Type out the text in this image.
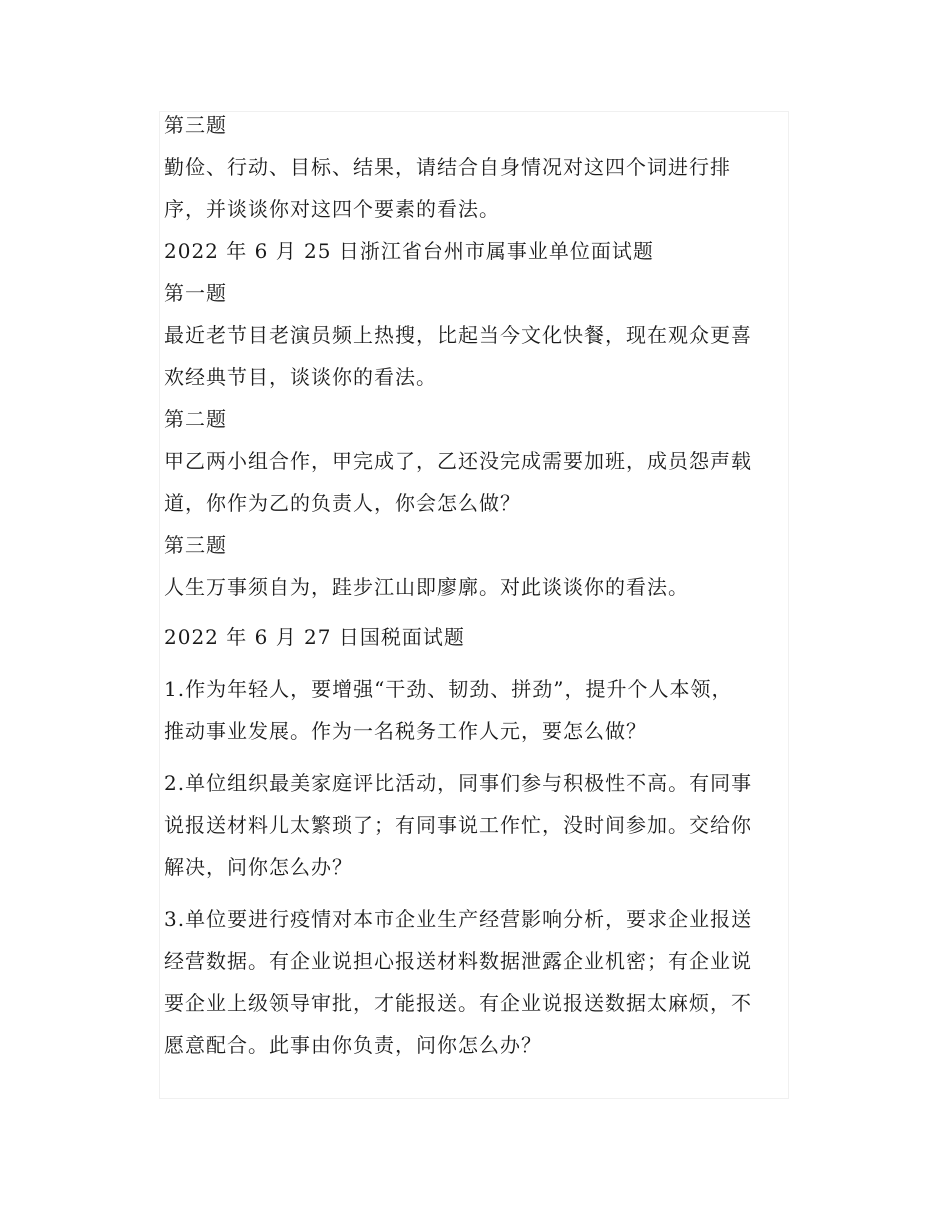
第三题
勤俭、行动、目标、结果，请结合自身情况对这四个词进行排
序，并谈谈你对这四个要素的看法。
2022 年 6 月 25 日浙江省台州市属事业单位面试题
第一题
最近老节目老演员频上热搜，比起当今文化快餐，现在观众更喜
欢经典节目，谈谈你的看法。
第二题
甲乙两小组合作，甲完成了，乙还没完成需要加班，成员怨声载
道，你作为乙的负责人，你会怎么做？
第三题
人生万事须自为，跬步江山即廖廓。对此谈谈你的看法。
2022 年 6 月 27 日国税面试题
1.作为年轻人，要增强“干劲、韧劲、拼劲”，提升个人本领，
推动事业发展。作为一名税务工作人元，要怎么做？
2.单位组织最美家庭评比活动，同事们参与积极性不高。有同事
说报送材料儿太繁琐了；有同事说工作忙，没时间参加。交给你
解决，问你怎么办？
3.单位要进行疫情对本市企业生产经营影响分析，要求企业报送
经营数据。有企业说担心报送材料数据泄露企业机密；有企业说
要企业上级领导审批，才能报送。有企业说报送数据太麻烦，不
愿意配合。此事由你负责，问你怎么办？
